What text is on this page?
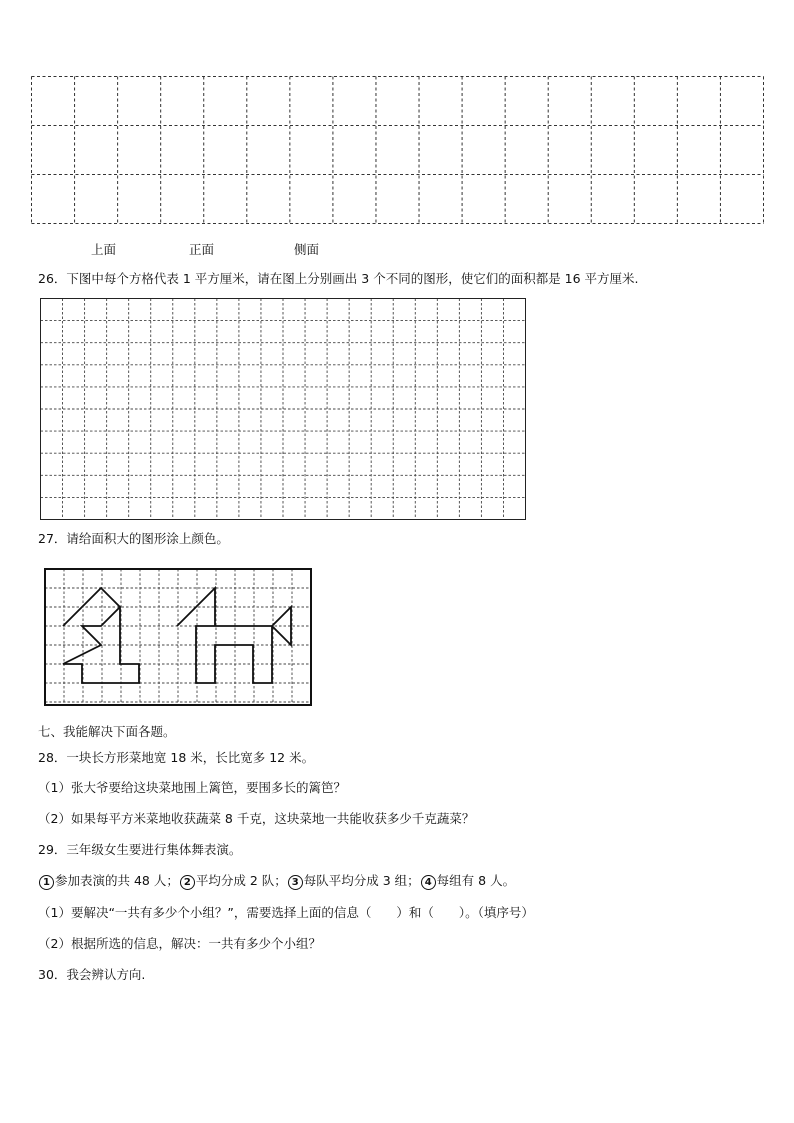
上面	正面	侧面
26．下图中每个方格代表 1 平方厘米，请在图上分别画出 3 个不同的图形，使它们的面积都是 16 平方厘米.
27．请给面积大的图形涂上颜色。
七、我能解决下面各题。
28．一块长方形菜地宽 18 米，长比宽多 12 米。
（1）张大爷要给这块菜地围上篱笆，要围多长的篱笆？
（2）如果每平方米菜地收获蔬菜 8 千克，这块菜地一共能收获多少千克蔬菜？
29．三年级女生要进行集体舞表演。
1 参加表演的共 48 人； 2 平均分成 2 队； 3 每队平均分成 3 组； 4 每组有 8 人。
（1）要解决“一共有多少个小组？”，需要选择上面的信息（　　）和（　　）。（填序号）
（2）根据所选的信息，解决：一共有多少个小组？
30．我会辨认方向.
